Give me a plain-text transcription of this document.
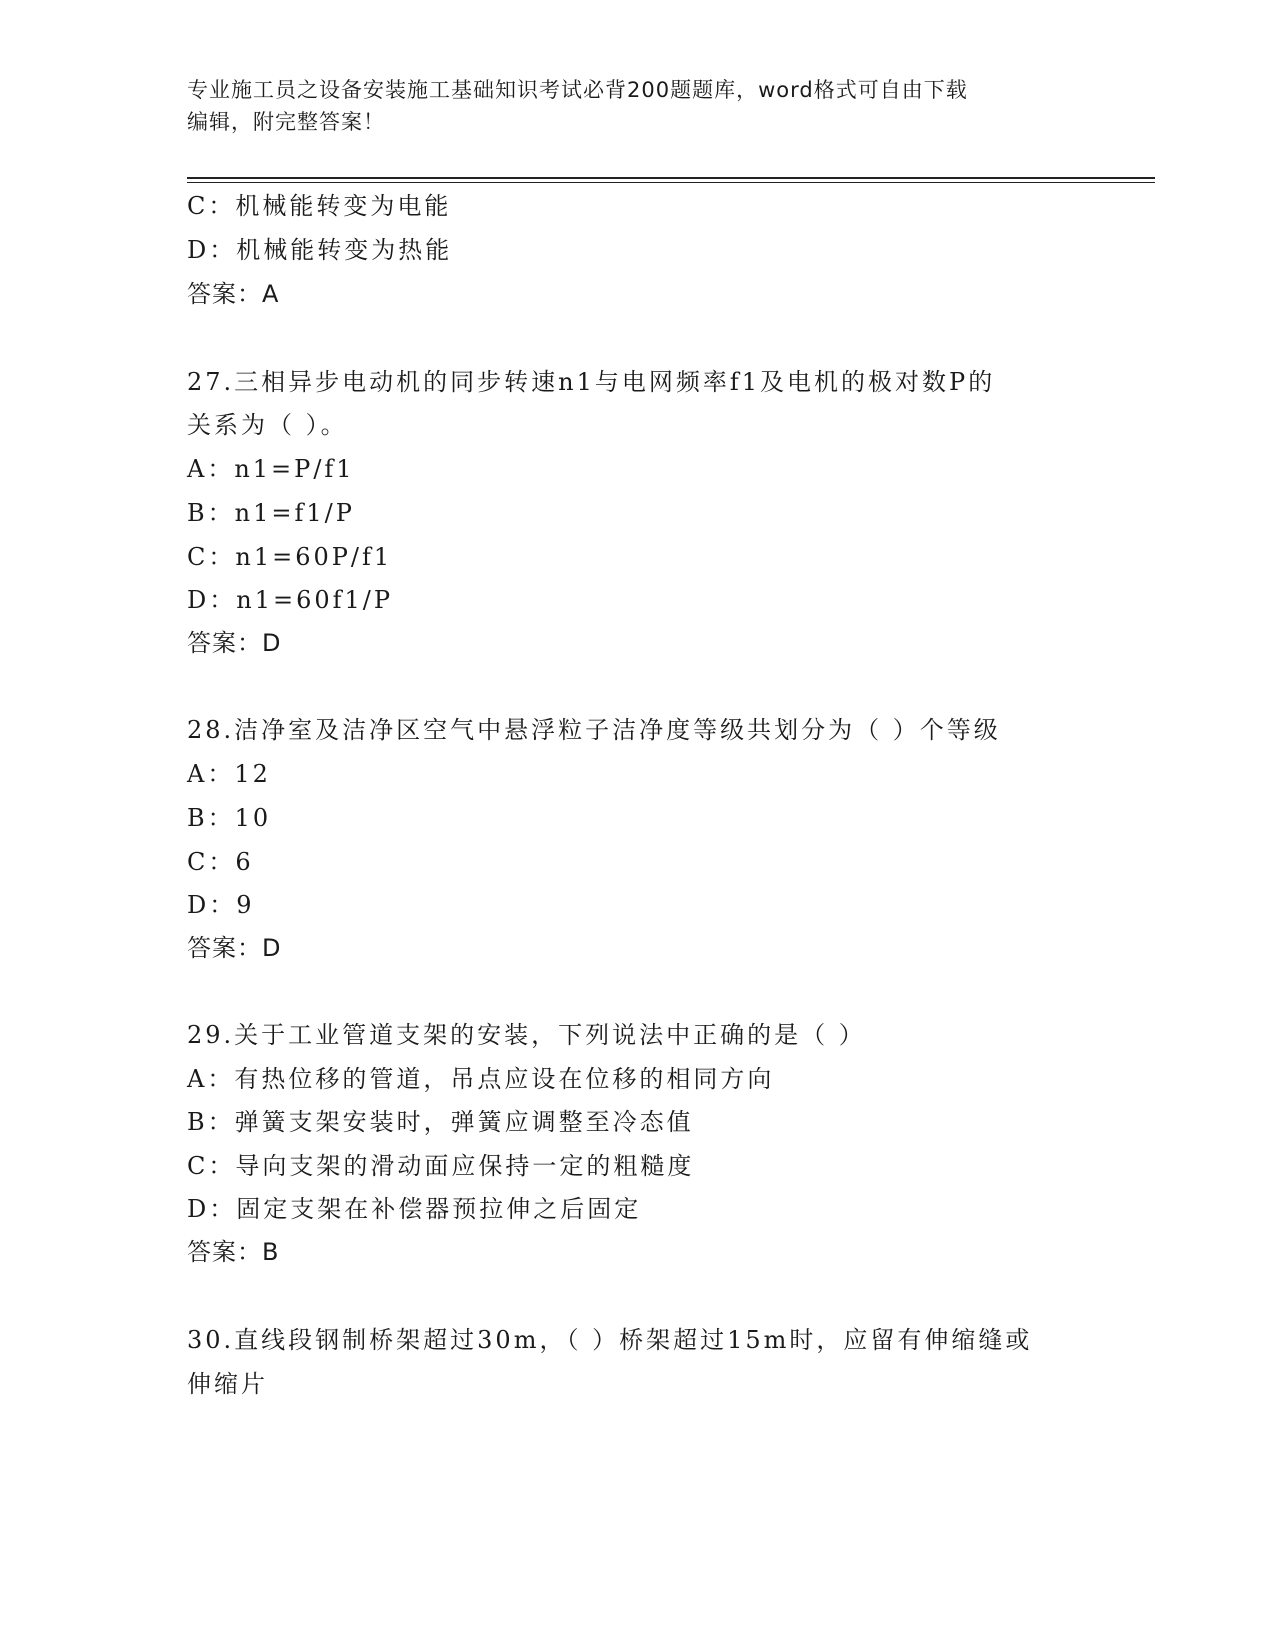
专业施工员之设备安装施工基础知识考试必背200题题库，word格式可自由下载
编辑，附完整答案！
C：机械能转变为电能
D：机械能转变为热能
答案：A
27.三相异步电动机的同步转速n1与电网频率f1及电机的极对数P的
关系为（ ）。
A：n1=P/f1
B：n1=f1/P
C：n1=60P/f1
D：n1=60f1/P
答案：D
28.洁净室及洁净区空气中悬浮粒子洁净度等级共划分为（ ）个等级
A：12
B：10
C：6
D：9
答案：D
29.关于工业管道支架的安装，下列说法中正确的是（ ）
A：有热位移的管道，吊点应设在位移的相同方向
B：弹簧支架安装时，弹簧应调整至冷态值
C：导向支架的滑动面应保持一定的粗糙度
D：固定支架在补偿器预拉伸之后固定
答案：B
30.直线段钢制桥架超过30m，（ ）桥架超过15m时，应留有伸缩缝或
伸缩片
